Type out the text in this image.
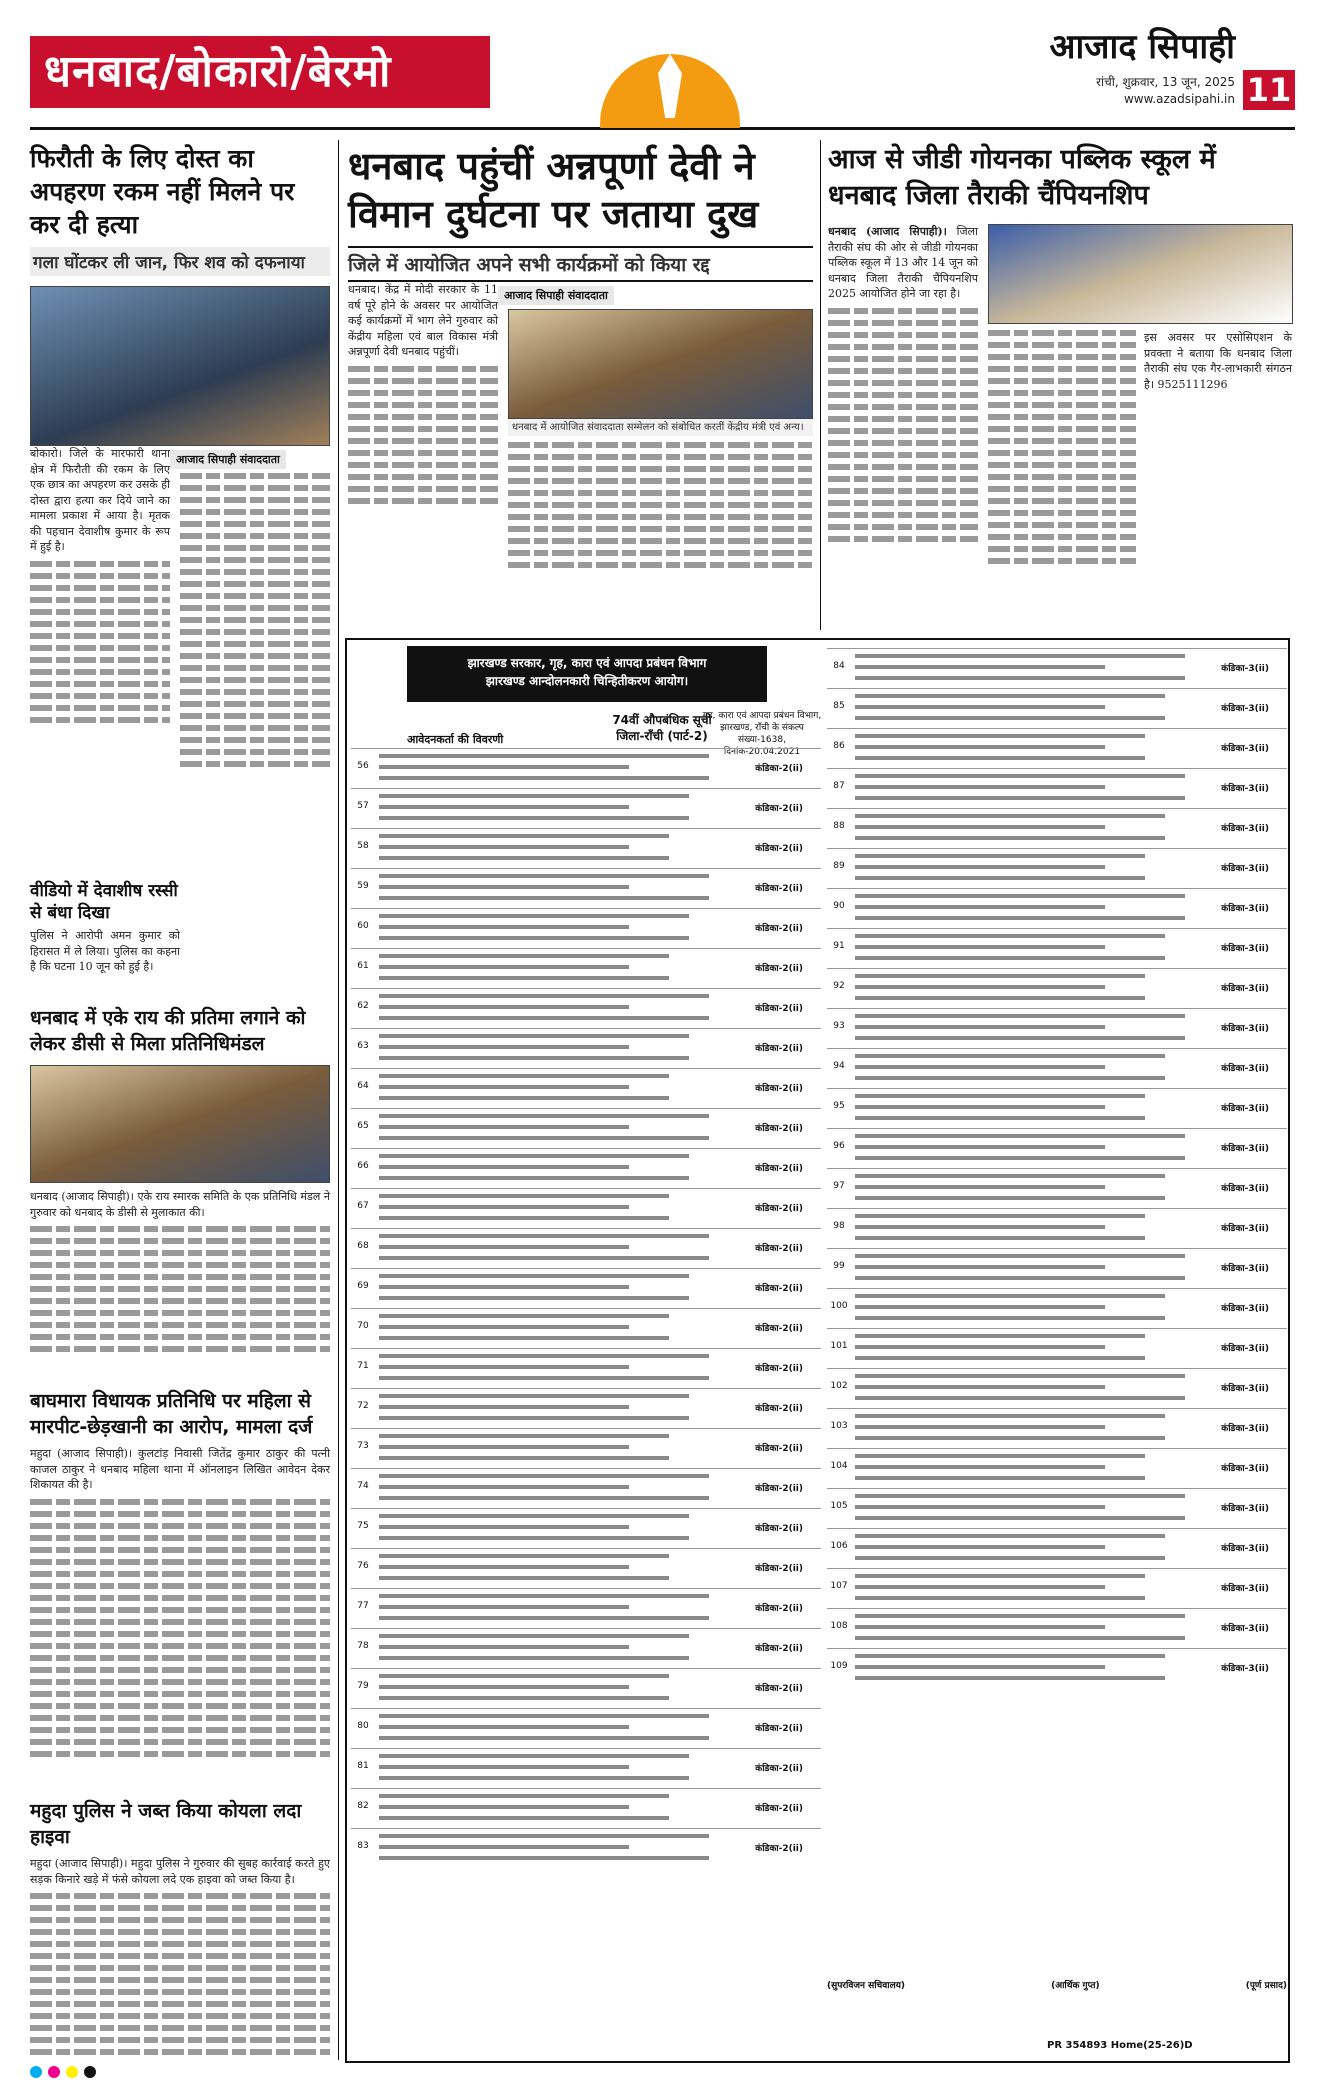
धनबाद/बोकारो/बेरमो	आजाद सिपाही
रांची, शुक्रवार, 13 जून, 2025
www.azadsipahi.in 11
फिरौती के लिए दोस्त का अपहरण रकम नहीं मिलने पर कर दी हत्या
गला घोंटकर ली जान, फिर शव को दफनाया
आजाद सिपाही संवाददाता
बोकारो। जिले के मारफारी थाना क्षेत्र में फिरौती की रकम के लिए एक छात्र का अपहरण कर उसके ही दोस्त द्वारा हत्या कर दिये जाने का मामला प्रकाश में आया है। मृतक की पहचान देवाशीष कुमार के रूप में हुई है।

वीडियो में देवाशीष रस्सी से बंधा दिखा
पुलिस ने आरोपी अमन कुमार को हिरासत में ले लिया। पुलिस का कहना है कि घटना 10 जून को हुई है।
धनबाद पहुंचीं अन्नपूर्णा देवी ने विमान दुर्घटना पर जताया दुख
जिले में आयोजित अपने सभी कार्यक्रमों को किया रद्द
आजाद सिपाही संवाददाता
धनबाद। केंद्र में मोदी सरकार के 11 वर्ष पूरे होने के अवसर पर आयोजित कई कार्यक्रमों में भाग लेने गुरुवार को केंद्रीय महिला एवं बाल विकास मंत्री अन्नपूर्णा देवी धनबाद पहुंचीं।
धनबाद में आयोजित संवाददाता सम्मेलन को संबोधित करतीं केंद्रीय मंत्री एवं अन्य।

आज से जीडी गोयनका पब्लिक स्कूल में धनबाद जिला तैराकी चैंपियनशिप
धनबाद (आजाद सिपाही)। जिला तैराकी संघ की ओर से जीडी गोयनका पब्लिक स्कूल में 13 और 14 जून को धनबाद जिला तैराकी चैंपियनशिप 2025 आयोजित होने जा रहा है।

इस अवसर पर एसोसिएशन के प्रवक्ता ने बताया कि धनबाद जिला तैराकी संघ एक गैर-लाभकारी संगठन है। 9525111296
धनबाद में एके राय की प्रतिमा लगाने को लेकर डीसी से मिला प्रतिनिधिमंडल
धनबाद (आजाद सिपाही)। एके राय स्मारक समिति के एक प्रतिनिधि मंडल ने गुरुवार को धनबाद के डीसी से मुलाकात की।

बाघमारा विधायक प्रतिनिधि पर महिला से मारपीट-छेड़खानी का आरोप, मामला दर्ज
महुदा (आजाद सिपाही)। कुलटांड़ निवासी जितेंद्र कुमार ठाकुर की पत्नी काजल ठाकुर ने धनबाद महिला थाना में ऑनलाइन लिखित आवेदन देकर शिकायत की है।

महुदा पुलिस ने जब्त किया कोयला लदा हाइवा
महुदा (आजाद सिपाही)। महुदा पुलिस ने गुरुवार की सुबह कार्रवाई करते हुए सड़क किनारे खड़े में फंसे कोयला लदे एक हाइवा को जब्त किया है।

झारखण्ड सरकार, गृह, कारा एवं आपदा प्रबंधन विभाग
झारखण्ड आन्दोलनकारी चिन्हितीकरण आयोग।
74वीं औपबंधिक सूची
जिला-राँची (पार्ट-2)
गृह, कारा एवं आपदा प्रबंधन विभाग, झारखण्ड, राँची के संकल्प संख्या-1638, दिनांक-20.04.2021
आवेदनकर्ता की विवरणी
56	कंडिका-2(ii)
57	कंडिका-2(ii)
58	कंडिका-2(ii)
59	कंडिका-2(ii)
60	कंडिका-2(ii)
61	कंडिका-2(ii)
62	कंडिका-2(ii)
63	कंडिका-2(ii)
64	कंडिका-2(ii)
65	कंडिका-2(ii)
66	कंडिका-2(ii)
67	कंडिका-2(ii)
68	कंडिका-2(ii)
69	कंडिका-2(ii)
70	कंडिका-2(ii)
71	कंडिका-2(ii)
72	कंडिका-2(ii)
73	कंडिका-2(ii)
74	कंडिका-2(ii)
75	कंडिका-2(ii)
76	कंडिका-2(ii)
77	कंडिका-2(ii)
78	कंडिका-2(ii)
79	कंडिका-2(ii)
80	कंडिका-2(ii)
81	कंडिका-2(ii)
82	कंडिका-2(ii)
83	कंडिका-2(ii)
84	कंडिका-3(ii)
85	कंडिका-3(ii)
86	कंडिका-3(ii)
87	कंडिका-3(ii)
88	कंडिका-3(ii)
89	कंडिका-3(ii)
90	कंडिका-3(ii)
91	कंडिका-3(ii)
92	कंडिका-3(ii)
93	कंडिका-3(ii)
94	कंडिका-3(ii)
95	कंडिका-3(ii)
96	कंडिका-3(ii)
97	कंडिका-3(ii)
98	कंडिका-3(ii)
99	कंडिका-3(ii)
100	कंडिका-3(ii)
101	कंडिका-3(ii)
102	कंडिका-3(ii)
103	कंडिका-3(ii)
104	कंडिका-3(ii)
105	कंडिका-3(ii)
106	कंडिका-3(ii)
107	कंडिका-3(ii)
108	कंडिका-3(ii)
109	कंडिका-3(ii)
(सुपरविजन सचिवालय)	(आर्थिक गुप्त)	(पूर्ण प्रसाद)
PR 354893 Home(25-26)D
